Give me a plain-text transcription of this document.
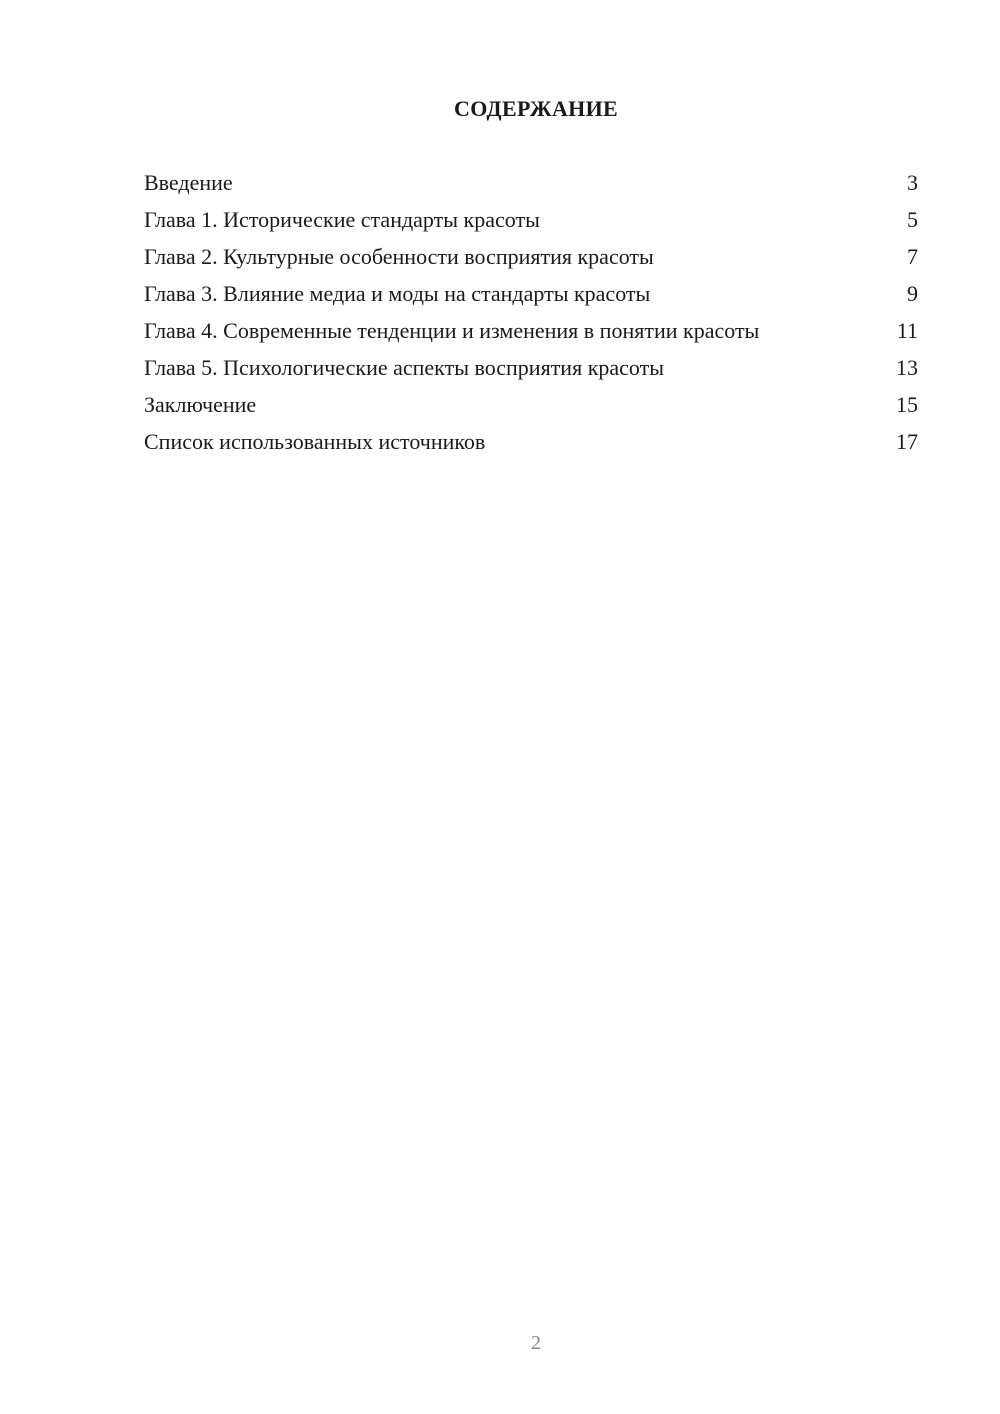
СОДЕРЖАНИЕ
Введение	3
Глава 1. Исторические стандарты красоты	5
Глава 2. Культурные особенности восприятия красоты	7
Глава 3. Влияние медиа и моды на стандарты красоты	9
Глава 4. Современные тенденции и изменения в понятии красоты	11
Глава 5. Психологические аспекты восприятия красоты	13
Заключение	15
Список использованных источников	17
2
